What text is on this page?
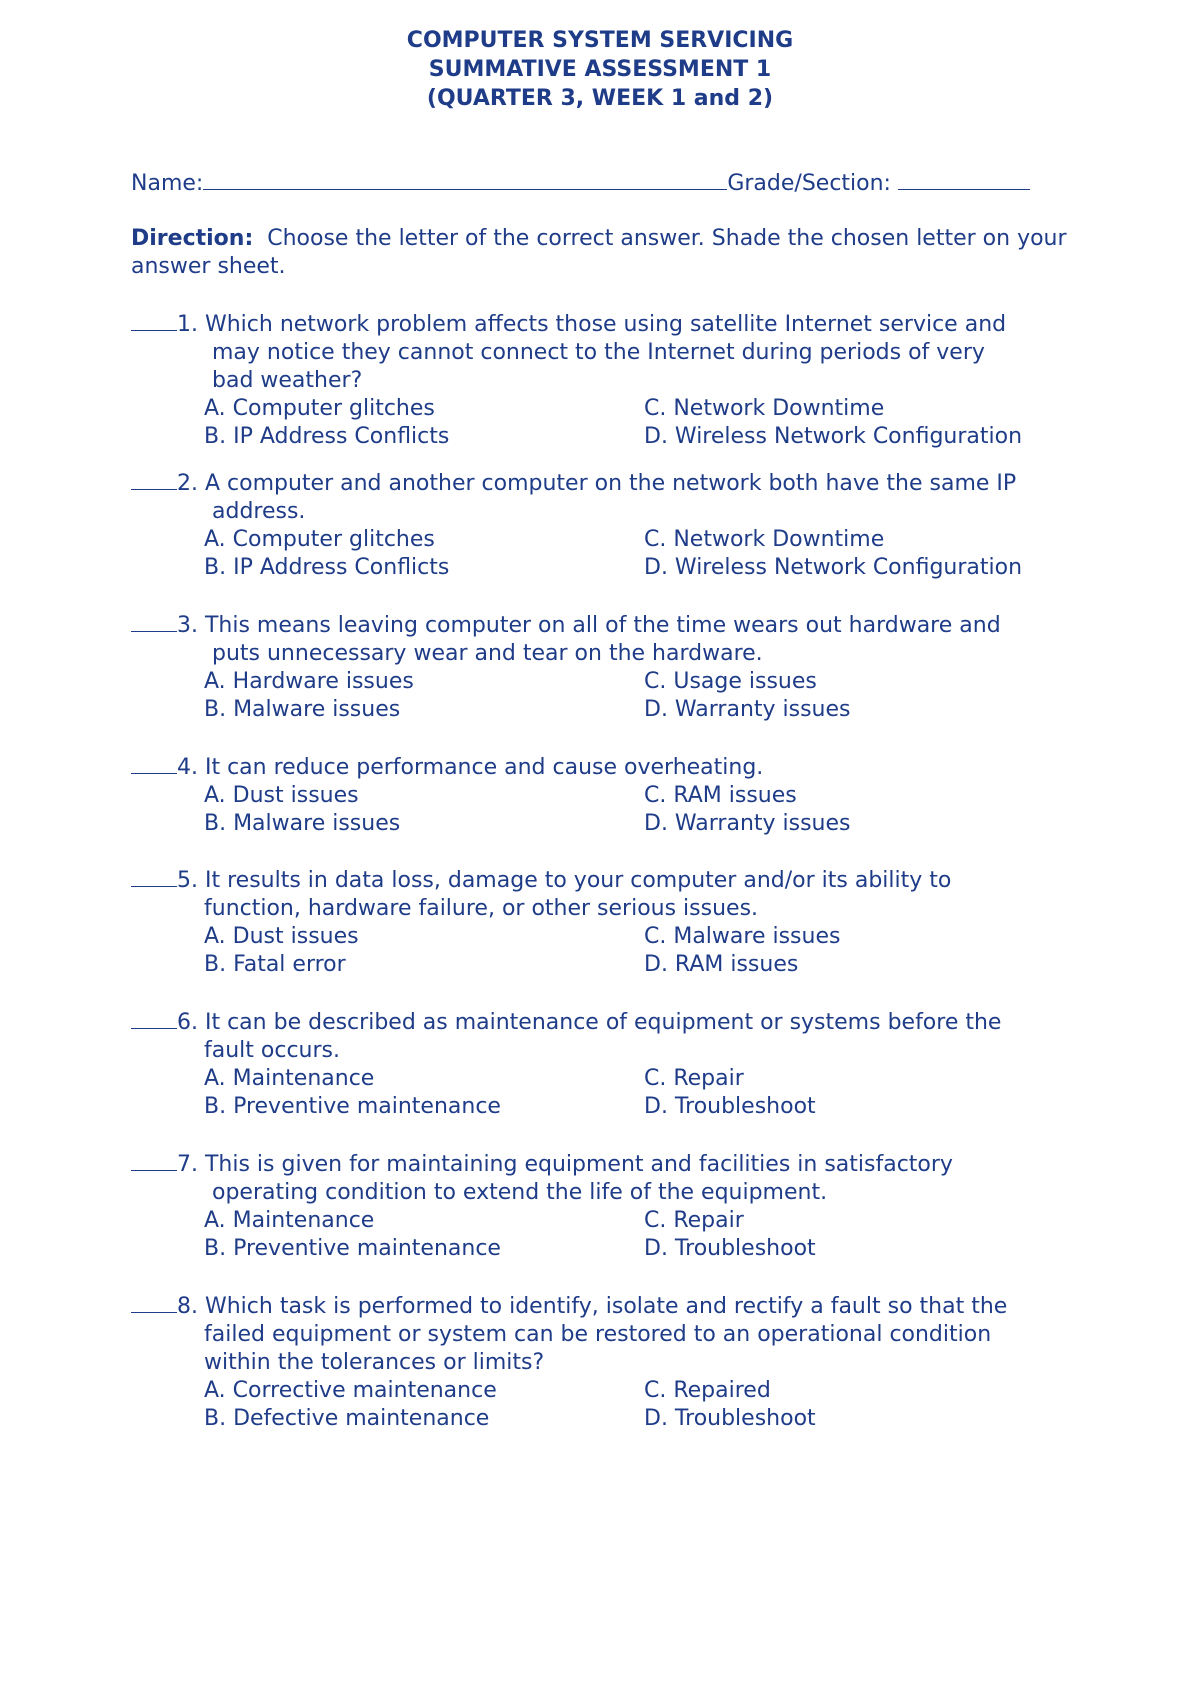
COMPUTER SYSTEM SERVICING
SUMMATIVE ASSESSMENT 1
(QUARTER 3, WEEK 1 and 2)
Name:	Grade/Section:
Direction: Choose the letter of the correct answer. Shade the chosen letter on your answer sheet.
1. Which network problem affects those using satellite Internet service and
may notice they cannot connect to the Internet during periods of very
bad weather?
A. Computer glitches
B. IP Address Conflicts
C. Network Downtime
D. Wireless Network Configuration
2. A computer and another computer on the network both have the same IP
address.
A. Computer glitches
B. IP Address Conflicts
C. Network Downtime
D. Wireless Network Configuration
3. This means leaving computer on all of the time wears out hardware and
puts unnecessary wear and tear on the hardware.
A. Hardware issues
B. Malware issues
C. Usage issues
D. Warranty issues
4. It can reduce performance and cause overheating.
A. Dust issues
B. Malware issues
C. RAM issues
D. Warranty issues
5. It results in data loss, damage to your computer and/or its ability to
function, hardware failure, or other serious issues.
A. Dust issues
B. Fatal error
C. Malware issues
D. RAM issues
6. It can be described as maintenance of equipment or systems before the
fault occurs.
A. Maintenance
B. Preventive maintenance
C. Repair
D. Troubleshoot
7. This is given for maintaining equipment and facilities in satisfactory
operating condition to extend the life of the equipment.
A. Maintenance
B. Preventive maintenance
C. Repair
D. Troubleshoot
8. Which task is performed to identify, isolate and rectify a fault so that the
failed equipment or system can be restored to an operational condition
within the tolerances or limits?
A. Corrective maintenance
B. Defective maintenance
C. Repaired
D. Troubleshoot
